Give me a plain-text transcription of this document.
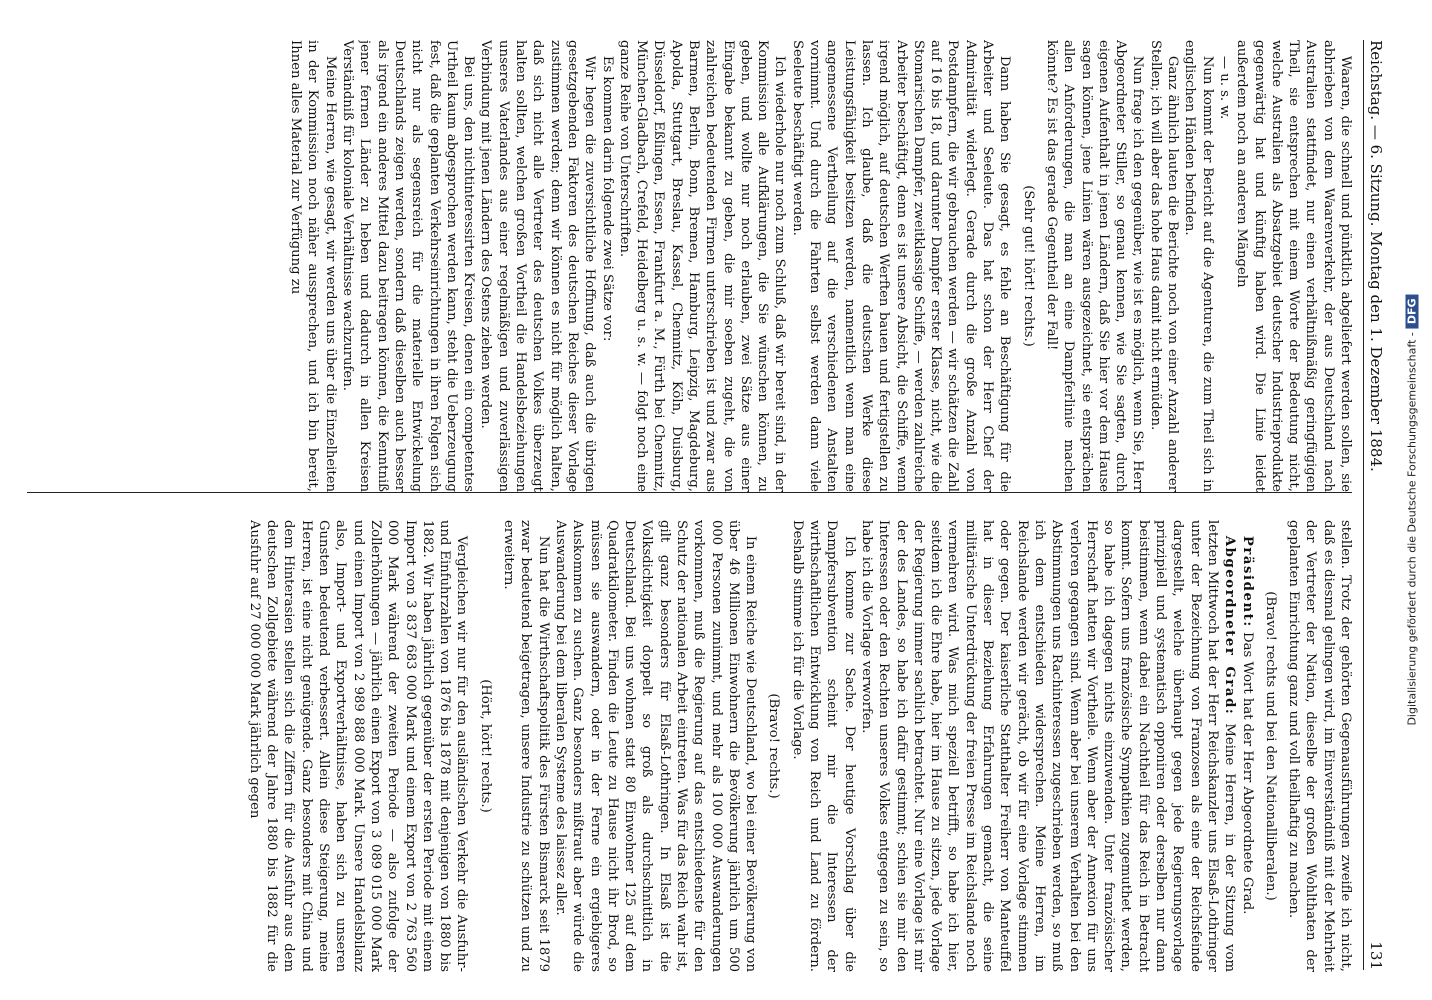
Reichstag. — 6. Sitzung. Montag den 1. Dezember 1884.
131

Waaren, die schnell und pünktlich abgeliefert werden sollen, sie abhrieben von dem Waarenverkehr, der aus Deutschland nach Australien stattfindet, nur einen verhältnißmäßig geringfügigen Theil, sie entsprechen mit einem Worte der Bedeutung nicht, welche Australien als Absatzgebiet deutscher Industrieprodukte gegenwärtig hat und künftig haben wird. Die Linie leidet außerdem noch an anderen Mängeln

— u. s. w.

Nun kommt der Bericht auf die Agenturen, die zum Theil sich in englischen Händen befinden.

Ganz ähnlich lauten die Berichte noch von einer Anzahl anderer Stellen; ich will aber das hohe Haus damit nicht ermüden.

Nun frage ich den gegenüber, wie ist es möglich, wenn Sie, Herr Abgeordneter Stiller, so genau kennen, wie Sie sagten, durch eigenen Aufenthalt in jenen Ländern, daß Sie hier vor dem Hause sagen können, jene Linien wären ausgezeichnet, sie entsprächen allen Anforderungen, die man an eine Dampferlinie machen könnte? Es ist das gerade Gegentheil der Fall!

(Sehr gut! hört! rechts.)

Dann haben Sie gesagt, es fehle an Beschäftigung für die Arbeiter und Seeleute. Das hat schon der Herr Chef der Admiralität widerlegt. Gerade durch die große Anzahl von Postdampfern, die wir gebrauchen werden — wir schätzen die Zahl auf 16 bis 18, und darunter Dampfer erster Klasse, nicht, wie die Stomarischen Dampfer, zweitklassige Schiffe, — werden zahlreiche Arbeiter beschäftigt, denn es ist unsere Absicht, die Schiffe, wenn irgend möglich, auf deutschen Werften bauen und fertigstellen zu lassen. Ich glaube, daß die deutschen Werke diese Leistungsfähigkeit besitzen werden, namentlich wenn man eine angemessene Vertheilung auf die verschiedenen Anstalten vornimmt. Und durch die Fahrten selbst werden dann viele Seeleute beschäftigt werden.

Ich wiederhole nur noch zum Schluß, daß wir bereit sind, in der Kommission alle Aufklärungen, die Sie wünschen können, zu geben, und wollte nur noch erlauben, zwei Sätze aus einer Eingabe bekannt zu geben, die mir soeben zugeht, die von zahlreichen bedeutenden Firmen unterschrieben ist und zwar aus Barmen, Berlin, Bonn, Bremen, Hamburg, Leipzig, Magdeburg, Apolda, Stuttgart, Breslau, Kassel, Chemnitz, Köln, Duisburg, Düsseldorf, Eßlingen, Essen, Frankfurt a. M., Fürth bei Chemnitz, München-Gladbach, Crefeld, Heidelberg u. s. w. — folgt noch eine ganze Reihe von Unterschriften.

Es kommen darin folgende zwei Sätze vor:

Wir hegen die zuversichtliche Hoffnung, daß auch die übrigen gesetzgebenden Faktoren des deutschen Reiches dieser Vorlage zustimmen werden; denn wir können es nicht für möglich halten, daß sich nicht alle Vertreter des deutschen Volkes überzeugt halten sollten, welchen großen Vortheil die Handelsbeziehungen unseres Vaterlandes aus einer regelmäßigen und zuverlässigen Verbindung mit jenen Ländern des Ostens ziehen werden.

Bei uns, den nichtinteressirten Kreisen, denen ein competentes Urtheil kaum abgesprochen werden kann, steht die Ueberzeugung fest, daß die geplanten Verkehrseinrichtungen in ihren Folgen sich nicht nur als segensreich für die materielle Entwickelung Deutschlands zeigen werden, sondern daß dieselben auch besser als irgend ein anderes Mittel dazu beitragen können, die Kenntniß jener fernen Länder zu heben und dadurch in allen Kreisen Verständniß für koloniale Verhältnisse wachzurufen.

Meine Herren, wie gesagt, wir werden uns über die Einzelheiten in der Kommission noch näher aussprechen, und ich bin bereit, Ihnen alles Material zur Verfügung zu

stellen. Trotz der gehörten Gegenausführungen zweifle ich nicht, daß es diesmal gelingen wird, im Einverständniß mit der Mehrheit der Vertreter der Nation, dieselbe der großen Wohlthaten der geplanten Einrichtung ganz und voll theilhaftig zu machen.

(Bravo! rechts und bei den Nationalliberalen.)

Präsident: Das Wort hat der Herr Abgeordnete Grad.

Abgeordneter Grad: Meine Herren, in der Sitzung vom letzten Mittwoch hat der Herr Reichskanzler uns Elsaß-Lothringer unter der Bezeichnung von Franzosen als eine der Reichsfeinde dargestellt, welche überhaupt gegen jede Regierungsvorlage prinzipiell und systematisch opponiren oder derselben nur dann beistimmen, wenn dabei ein Nachtheil für das Reich in Betracht kommt. Sofern uns französische Sympathien zugemuthet werden, so habe ich dagegen nichts einzuwenden. Unter französischer Herrschaft hatten wir Vortheile. Wenn aber der Annexion für uns verloren gegangen sind. Wenn aber bei unserem Verhalten bei den Abstimmungen uns Rachinteressen zugeschrieben werden, so muß ich dem entschieden widersprechen. Meine Herren, im Reichslande werden wir gerächt, ob wir für eine Vorlage stimmen oder gegen. Der kaiserliche Statthalter Freiherr von Manteuffel hat in dieser Beziehung Erfahrungen gemacht, die seine militärische Unterdrückung der freien Presse im Reichslande noch vermehren wird. Was mich speziell betrifft, so habe ich hier, seitdem ich die Ehre habe, hier im Hause zu sitzen, jede Vorlage der Regierung immer sachlich betrachtet. Nur eine Vorlage ist mir der des Landes, so habe ich dafür gestimmt; schien sie mir den Interessen oder den Rechten unseres Volkes entgegen zu sein, so habe ich die Vorlage verworfen.

Ich komme zur Sache. Der heutige Vorschlag über die Dampfersubvention scheint mir die Interessen der wirthschaftlichen Entwicklung von Reich und Land zu fördern. Deshalb stimme ich für die Vorlage.

(Bravo! rechts.)

In einem Reiche wie Deutschland, wo bei einer Bevölkerung von über 46 Millionen Einwohnern die Bevölkerung jährlich um 500 000 Personen zunimmt, und mehr als 100 000 Auswanderungen vorkommen, muß die Regierung auf das entschiedenste für den Schutz der nationalen Arbeit eintreten. Was für das Reich wahr ist, gilt ganz besonders für Elsaß-Lothringen. In Elsaß ist die Volksdichtigkeit doppelt so groß als durchschnittlich in Deutschland. Bei uns wohnen statt 80 Einwohner 125 auf dem Quadratkilometer. Finden die Leute zu Hause nicht ihr Brod, so müssen sie auswandern, oder in der Ferne ein ergiebigeres Auskommen zu suchen. Ganz besonders mißtraut aber würde die Auswanderung bei dem liberalen Systeme des laissez aller.

Nun hat die Wirthschaftspolitik des Fürsten Bismarck seit 1879 zwar bedeutend beigetragen, unsere Industrie zu schützen und zu erweitern.

(Hört, hört! rechts.)

Vergleichen wir nur für den ausländischen Verkehr die Ausfuhr- und Einfuhrzahlen von 1876 bis 1878 mit denjenigen von 1880 bis 1882. Wir haben jährlich gegenüber der ersten Periode mit einem Import von 3 837 683 000 Mark und einem Export von 2 763 560 000 Mark während der zweiten Periode — also zufolge der Zollerhöhungen — jährlich einen Export von 3 089 015 000 Mark und einen Import von 2 989 888 000 Mark. Unsere Handelsbilanz also, Import- und Exportverhältnisse, haben sich zu unseren Gunsten bedeutend verbessert. Allein diese Steigerung, meine Herren, ist eine nicht genügende. Ganz besonders mit China und dem Hinterasien stellen sich die Ziffern für die Ausfuhr aus dem deutschen Zollgebiete während der Jahre 1880 bis 1882 für die Ausfuhr auf 27 000 000 Mark jährlich gegen	Digitalisierung gefördert durch die Deutsche Forschungsgemeinschaft -DFG
